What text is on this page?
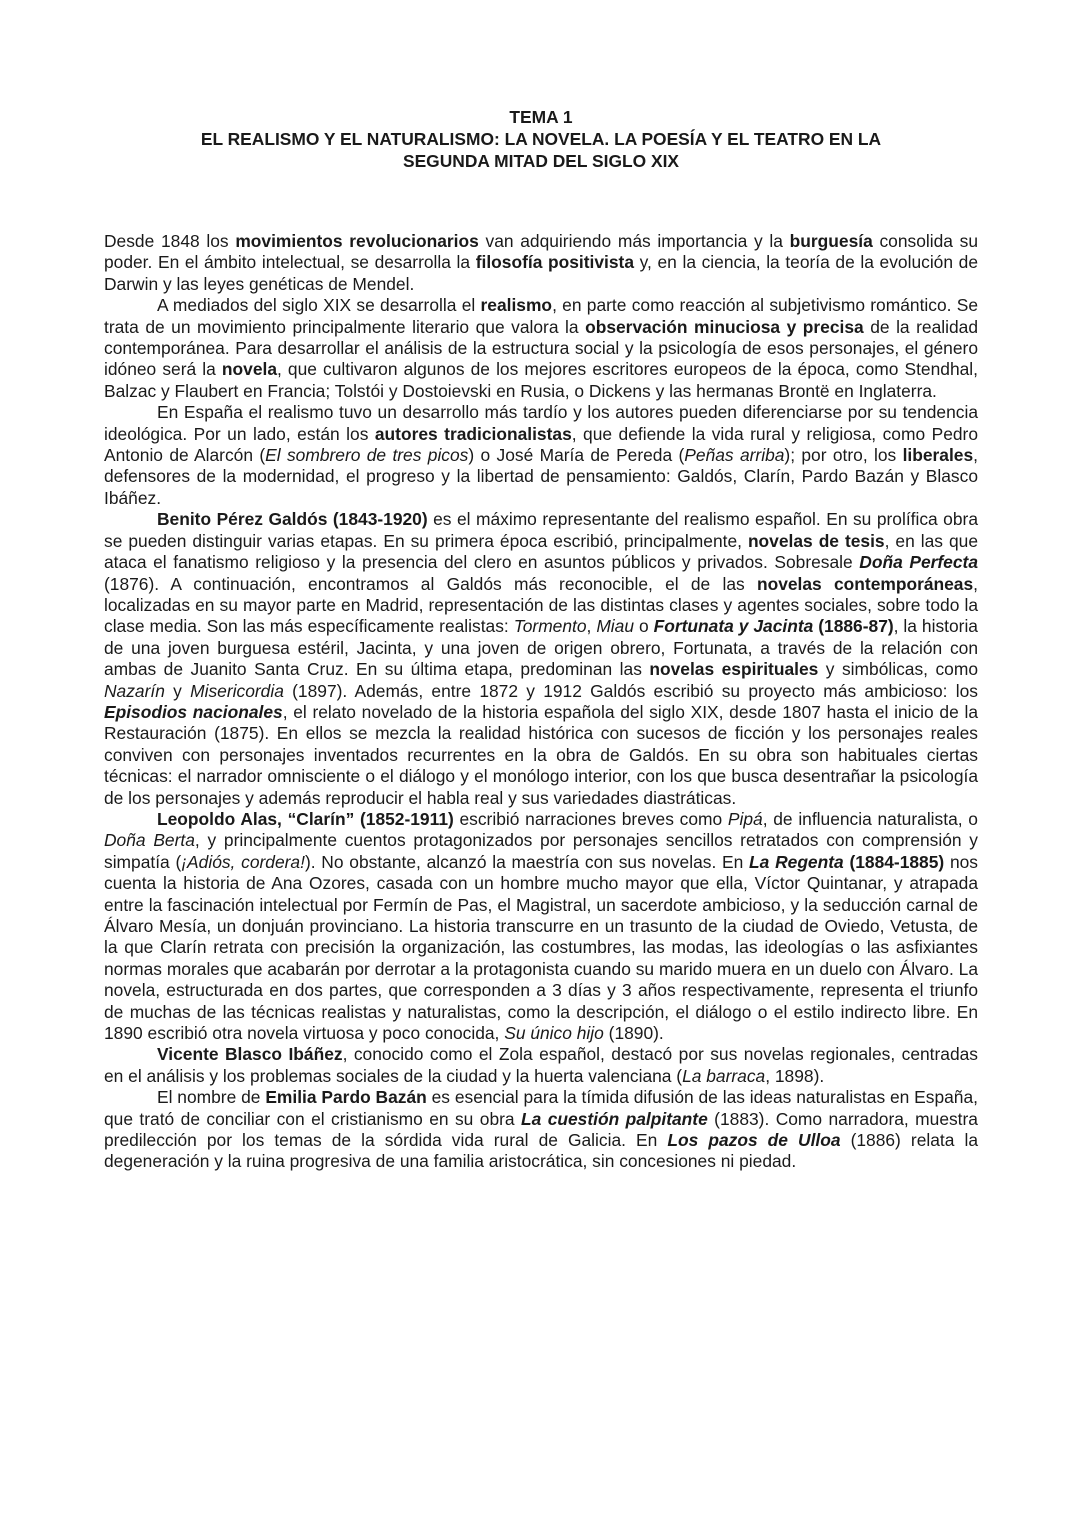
TEMA 1
EL REALISMO Y EL NATURALISMO: LA NOVELA. LA POESÍA Y EL TEATRO EN LA
SEGUNDA MITAD DEL SIGLO XIX

Desde 1848 los movimientos revolucionarios van adquiriendo más importancia y la burguesía consolida su poder. En el ámbito intelectual, se desarrolla la filosofía positivista y, en la ciencia, la teoría de la evolución de Darwin y las leyes genéticas de Mendel.

A mediados del siglo XIX se desarrolla el realismo, en parte como reacción al subjetivismo romántico. Se trata de un movimiento principalmente literario que valora la observación minuciosa y precisa de la realidad contemporánea. Para desarrollar el análisis de la estructura social y la psicología de esos personajes, el género idóneo será la novela, que cultivaron algunos de los mejores escritores europeos de la época, como Stendhal, Balzac y Flaubert en Francia; Tolstói y Dostoievski en Rusia, o Dickens y las hermanas Brontë en Inglaterra.

En España el realismo tuvo un desarrollo más tardío y los autores pueden diferenciarse por su tendencia ideológica. Por un lado, están los autores tradicionalistas, que defiende la vida rural y religiosa, como Pedro Antonio de Alarcón (El sombrero de tres picos) o José María de Pereda (Peñas arriba); por otro, los liberales, defensores de la modernidad, el progreso y la libertad de pensamiento: Galdós, Clarín, Pardo Bazán y Blasco Ibáñez.

Benito Pérez Galdós (1843-1920) es el máximo representante del realismo español. En su prolífica obra se pueden distinguir varias etapas. En su primera época escribió, principalmente, novelas de tesis, en las que ataca el fanatismo religioso y la presencia del clero en asuntos públicos y privados. Sobresale Doña Perfecta (1876). A continuación, encontramos al Galdós más reconocible, el de las novelas contemporáneas, localizadas en su mayor parte en Madrid, representación de las distintas clases y agentes sociales, sobre todo la clase media. Son las más específicamente realistas: Tormento, Miau o Fortunata y Jacinta (1886-87), la historia de una joven burguesa estéril, Jacinta, y una joven de origen obrero, Fortunata, a través de la relación con ambas de Juanito Santa Cruz. En su última etapa, predominan las novelas espirituales y simbólicas, como Nazarín y Misericordia (1897). Además, entre 1872 y 1912 Galdós escribió su proyecto más ambicioso: los Episodios nacionales, el relato novelado de la historia española del siglo XIX, desde 1807 hasta el inicio de la Restauración (1875). En ellos se mezcla la realidad histórica con sucesos de ficción y los personajes reales conviven con personajes inventados recurrentes en la obra de Galdós. En su obra son habituales ciertas técnicas: el narrador omnisciente o el diálogo y el monólogo interior, con los que busca desentrañar la psicología de los personajes y además reproducir el habla real y sus variedades diastráticas.

Leopoldo Alas, “Clarín” (1852-1911) escribió narraciones breves como Pipá, de influencia naturalista, o Doña Berta, y principalmente cuentos protagonizados por personajes sencillos retratados con comprensión y simpatía (¡Adiós, cordera!). No obstante, alcanzó la maestría con sus novelas. En La Regenta (1884-1885) nos cuenta la historia de Ana Ozores, casada con un hombre mucho mayor que ella, Víctor Quintanar, y atrapada entre la fascinación intelectual por Fermín de Pas, el Magistral, un sacerdote ambicioso, y la seducción carnal de Álvaro Mesía, un donjuán provinciano. La historia transcurre en un trasunto de la ciudad de Oviedo, Vetusta, de la que Clarín retrata con precisión la organización, las costumbres, las modas, las ideologías o las asfixiantes normas morales que acabarán por derrotar a la protagonista cuando su marido muera en un duelo con Álvaro. La novela, estructurada en dos partes, que corresponden a 3 días y 3 años respectivamente, representa el triunfo de muchas de las técnicas realistas y naturalistas, como la descripción, el diálogo o el estilo indirecto libre. En 1890 escribió otra novela virtuosa y poco conocida, Su único hijo (1890).

Vicente Blasco Ibáñez, conocido como el Zola español, destacó por sus novelas regionales, centradas en el análisis y los problemas sociales de la ciudad y la huerta valenciana (La barraca, 1898).

El nombre de Emilia Pardo Bazán es esencial para la tímida difusión de las ideas naturalistas en España, que trató de conciliar con el cristianismo en su obra La cuestión palpitante (1883). Como narradora, muestra predilección por los temas de la sórdida vida rural de Galicia. En Los pazos de Ulloa (1886) relata la degeneración y la ruina progresiva de una familia aristocrática, sin concesiones ni piedad.
